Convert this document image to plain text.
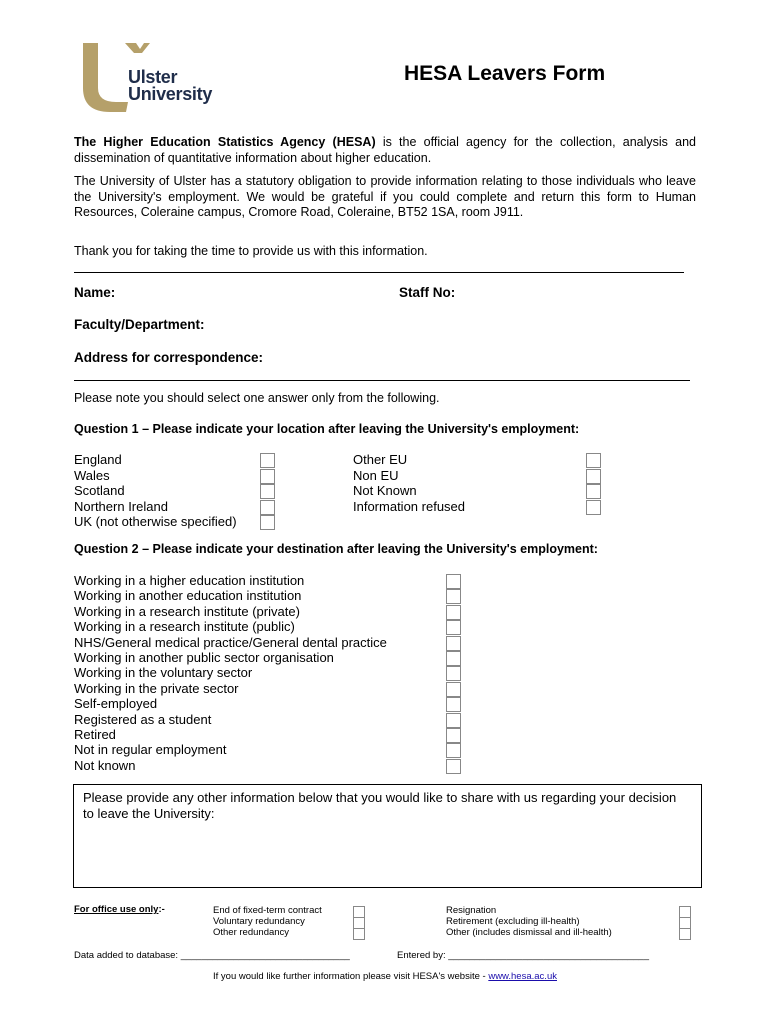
Ulster
University
HESA Leavers Form
The Higher Education Statistics Agency (HESA) is the official agency for the collection, analysis and dissemination of quantitative information about higher education.
The University of Ulster has a statutory obligation to provide information relating to those individuals who leave the University's employment. We would be grateful if you could complete and return this form to Human Resources, Coleraine campus, Cromore Road, Coleraine, BT52 1SA, room J911.
Thank you for taking the time to provide us with this information.
Name:	Staff No:
Faculty/Department:
Address for correspondence:
Please note you should select one answer only from the following.
Question 1 – Please indicate your location after leaving the University's employment:
England
Wales
Scotland
Northern Ireland
UK (not otherwise specified)
Other EU
Non EU
Not Known
Information refused
Question 2 – Please indicate your destination after leaving the University's employment:
Working in a higher education institution
Working in another education institution
Working in a research institute (private)
Working in a research institute (public)
NHS/General medical practice/General dental practice
Working in another public sector organisation
Working in the voluntary sector
Working in the private sector
Self-employed
Registered as a student
Retired
Not in regular employment
Not known
Please provide any other information below that you would like to share with us regarding your decision to leave the University:
For office use only:-	End of fixed-term contract
Voluntary redundancy
Other redundancy
Resignation
Retirement (excluding ill-health)
Other (includes dismissal and ill-health)
Data added to database: ________________________________	Entered by: ______________________________________
If you would like further information please visit HESA's website - www.hesa.ac.uk
